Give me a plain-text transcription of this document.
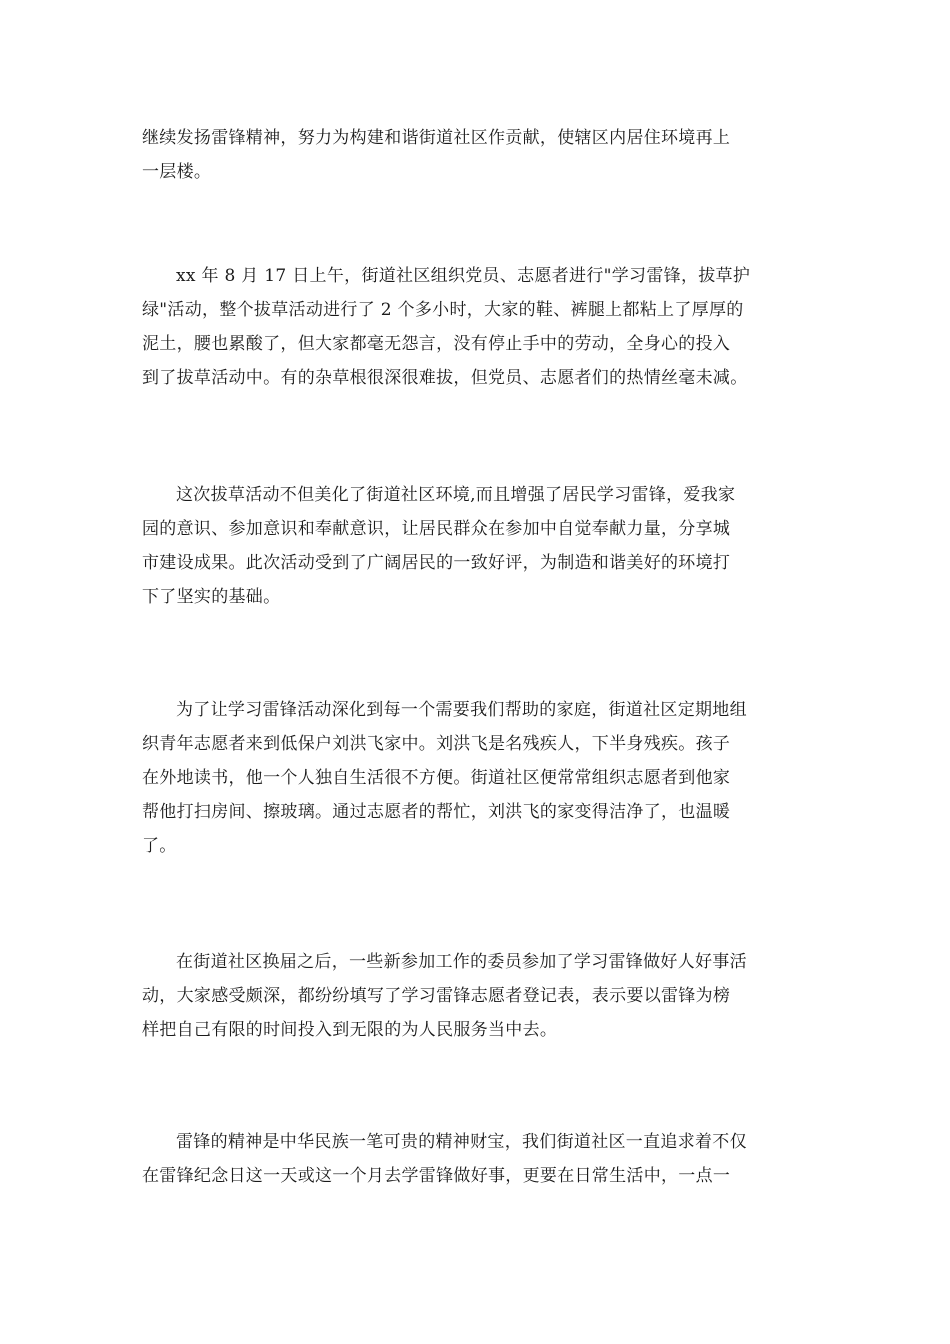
继续发扬雷锋精神，努力为构建和谐街道社区作贡献，使辖区内居住环境再上
一层楼。

xx 年 8 月 17 日上午，街道社区组织党员、志愿者进行"学习雷锋，拔草护
绿"活动，整个拔草活动进行了 2 个多小时，大家的鞋、裤腿上都粘上了厚厚的
泥土，腰也累酸了，但大家都毫无怨言，没有停止手中的劳动，全身心的投入
到了拔草活动中。有的杂草根很深很难拔，但党员、志愿者们的热情丝毫未减。

这次拔草活动不但美化了街道社区环境,而且增强了居民学习雷锋，爱我家
园的意识、参加意识和奉献意识，让居民群众在参加中自觉奉献力量，分享城
市建设成果。此次活动受到了广阔居民的一致好评，为制造和谐美好的环境打
下了坚实的基础。

为了让学习雷锋活动深化到每一个需要我们帮助的家庭，街道社区定期地组
织青年志愿者来到低保户刘洪飞家中。刘洪飞是名残疾人，下半身残疾。孩子
在外地读书，他一个人独自生活很不方便。街道社区便常常组织志愿者到他家
帮他打扫房间、擦玻璃。通过志愿者的帮忙，刘洪飞的家变得洁净了，也温暖
了。

在街道社区换届之后，一些新参加工作的委员参加了学习雷锋做好人好事活
动，大家感受颇深，都纷纷填写了学习雷锋志愿者登记表，表示要以雷锋为榜
样把自己有限的时间投入到无限的为人民服务当中去。

雷锋的精神是中华民族一笔可贵的精神财宝，我们街道社区一直追求着不仅
在雷锋纪念日这一天或这一个月去学雷锋做好事，更要在日常生活中，一点一
